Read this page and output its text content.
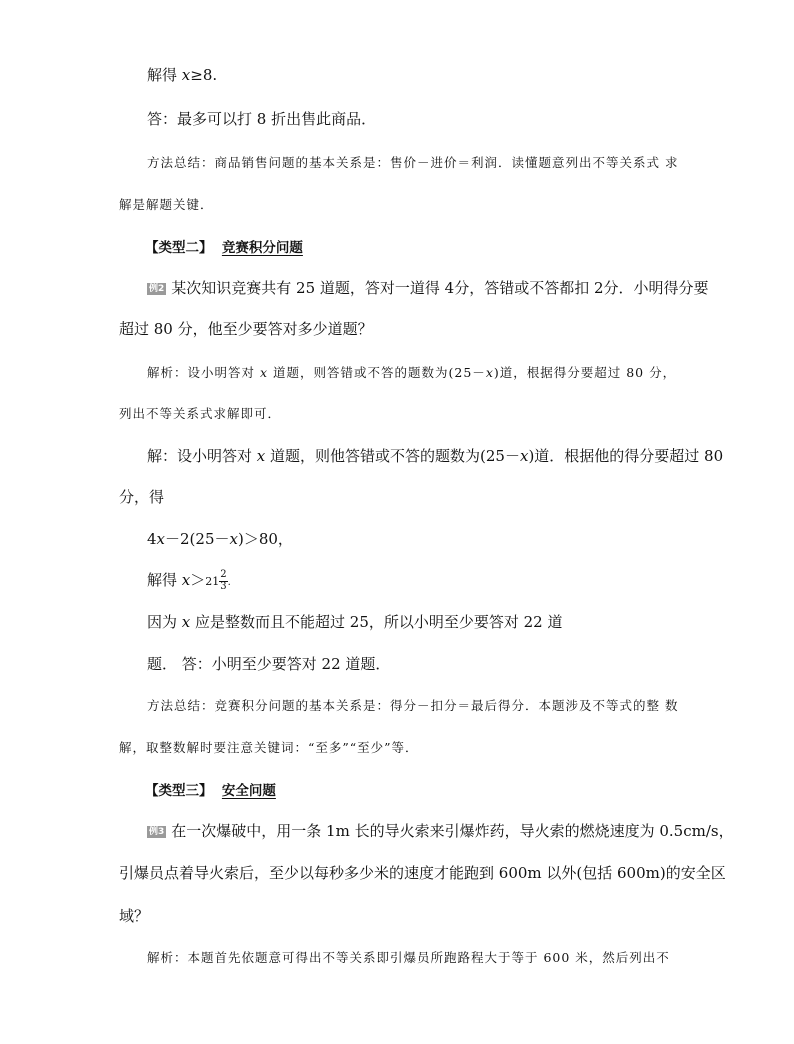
解得 x≥8.
答：最多可以打 8 折出售此商品．
方法总结：商品销售问题的基本关系是：售价－进价＝利润．读懂题意列出不等关系式 求
解是解题关键．
【类型二】 竞赛积分问题
例2 某次知识竞赛共有 25 道题，答对一道得 4分，答错或不答都扣 2分．小明得分要
超过 80 分，他至少要答对多少道题？
解析：设小明答对 x 道题，则答错或不答的题数为(25－x)道，根据得分要超过 80 分，
列出不等关系式求解即可．
解：设小明答对 x 道题，则他答错或不答的题数为(25－x)道．根据他的得分要超过 80
分，得
4x－2(25－x)＞80，
解得 $x>21 \frac{2}{3}$ .
因为 x 应是整数而且不能超过 25，所以小明至少要答对 22 道
题． 答：小明至少要答对 22 道题．
方法总结：竞赛积分问题的基本关系是：得分－扣分＝最后得分．本题涉及不等式的整 数
解，取整数解时要注意关键词：“至多”“至少”等．
【类型三】 安全问题
例3 在一次爆破中，用一条 1m 长的导火索来引爆炸药，导火索的燃烧速度为 0.5cm/s，
引爆员点着导火索后，至少以每秒多少米的速度才能跑到 600m 以外(包括 600m)的安全区
域？
解析：本题首先依题意可得出不等关系即引爆员所跑路程大于等于 600 米，然后列出不
